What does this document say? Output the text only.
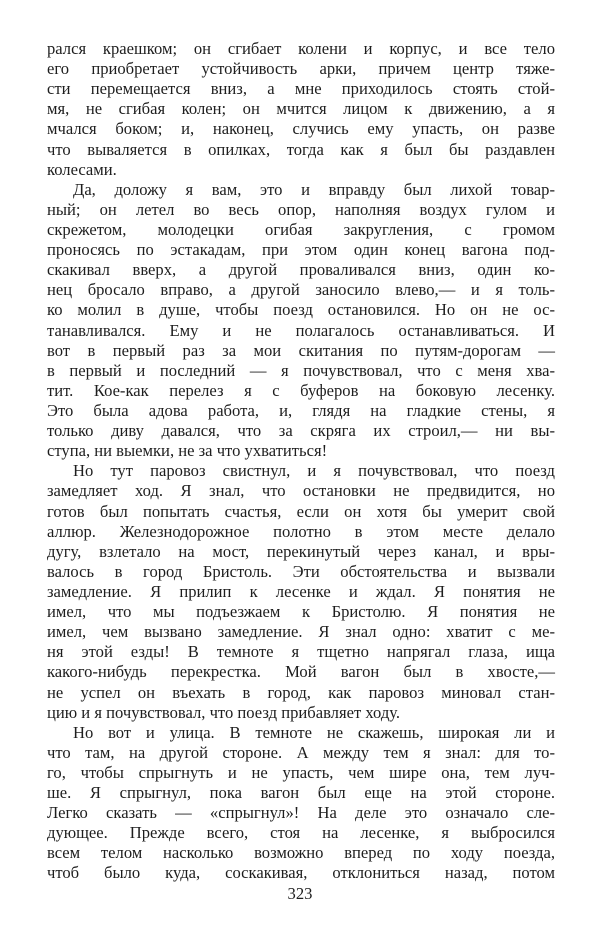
рался краешком; он сгибает колени и корпус, и все тело
его приобретает устойчивость арки, причем центр тяже-
сти перемещается вниз, а мне приходилось стоять стой-
мя, не сгибая колен; он мчится лицом к движению, а я
мчался боком; и, наконец, случись ему упасть, он разве
что вываляется в опилках, тогда как я был бы раздавлен
колесами.
Да, доложу я вам, это и вправду был лихой товар-
ный; он летел во весь опор, наполняя воздух гулом и
скрежетом, молодецки огибая закругления, с громом
проносясь по эстакадам, при этом один конец вагона под-
скакивал вверх, а другой проваливался вниз, один ко-
нец бросало вправо, а другой заносило влево,— и я толь-
ко молил в душе, чтобы поезд остановился. Но он не ос-
танавливался. Ему и не полагалось останавливаться. И
вот в первый раз за мои скитания по путям-дорогам —
в первый и последний — я почувствовал, что с меня хва-
тит. Кое-как перелез я с буферов на боковую лесенку.
Это была адова работа, и, глядя на гладкие стены, я
только диву давался, что за скряга их строил,— ни вы-
ступа, ни выемки, не за что ухватиться!
Но тут паровоз свистнул, и я почувствовал, что поезд
замедляет ход. Я знал, что остановки не предвидится, но
готов был попытать счастья, если он хотя бы умерит свой
аллюр. Железнодорожное полотно в этом месте делало
дугу, взлетало на мост, перекинутый через канал, и вры-
валось в город Бристоль. Эти обстоятельства и вызвали
замедление. Я прилип к лесенке и ждал. Я понятия не
имел, что мы подъезжаем к Бристолю. Я понятия не
имел, чем вызвано замедление. Я знал одно: хватит с ме-
ня этой езды! В темноте я тщетно напрягал глаза, ища
какого-нибудь перекрестка. Мой вагон был в хвосте,—
не успел он въехать в город, как паровоз миновал стан-
цию и я почувствовал, что поезд прибавляет ходу.
Но вот и улица. В темноте не скажешь, широкая ли и
что там, на другой стороне. А между тем я знал: для то-
го, чтобы спрыгнуть и не упасть, чем шире она, тем луч-
ше. Я спрыгнул, пока вагон был еще на этой стороне.
Легко сказать — «спрыгнул»! На деле это означало сле-
дующее. Прежде всего, стоя на лесенке, я выбросился
всем телом насколько возможно вперед по ходу поезда,
чтоб было куда, соскакивая, отклониться назад, потом
323
